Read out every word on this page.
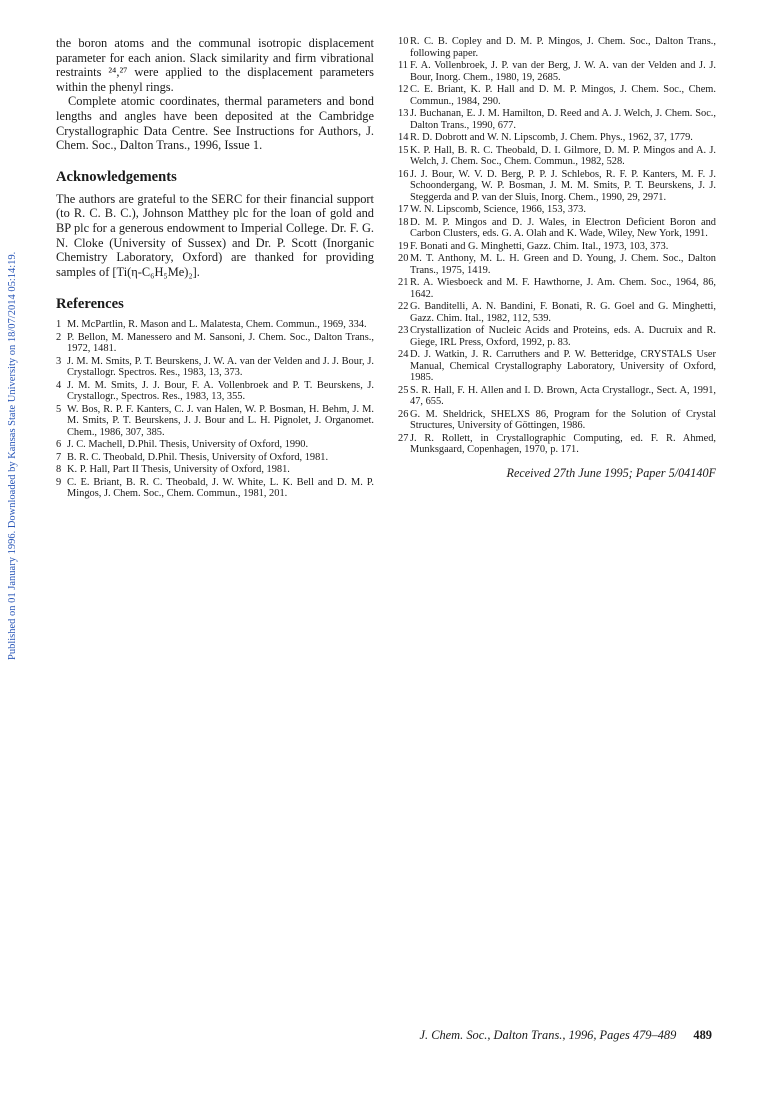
Published on 01 January 1996. Downloaded by Kansas State University on 18/07/2014 05:14:19.

the boron atoms and the communal isotropic displacement parameter for each anion. Slack similarity and firm vibrational restraints ²⁴,²⁷ were applied to the displacement parameters within the phenyl rings.

Complete atomic coordinates, thermal parameters and bond lengths and angles have been deposited at the Cambridge Crystallographic Data Centre. See Instructions for Authors, J. Chem. Soc., Dalton Trans., 1996, Issue 1.

Acknowledgements

The authors are grateful to the SERC for their financial support (to R. C. B. C.), Johnson Matthey plc for the loan of gold and BP plc for a generous endowment to Imperial College. Dr. F. G. N. Cloke (University of Sussex) and Dr. P. Scott (Inorganic Chemistry Laboratory, Oxford) are thanked for providing samples of [Ti(η-C₆H₅Me)₂].

References
1 M. McPartlin, R. Mason and L. Malatesta, Chem. Commun., 1969, 334.
2 P. Bellon, M. Manessero and M. Sansoni, J. Chem. Soc., Dalton Trans., 1972, 1481.
3 J. M. M. Smits, P. T. Beurskens, J. W. A. van der Velden and J. J. Bour, J. Crystallogr. Spectros. Res., 1983, 13, 373.
4 J. M. M. Smits, J. J. Bour, F. A. Vollenbroek and P. T. Beurskens, J. Crystallogr., Spectros. Res., 1983, 13, 355.
5 W. Bos, R. P. F. Kanters, C. J. van Halen, W. P. Bosman, H. Behm, J. M. M. Smits, P. T. Beurskens, J. J. Bour and L. H. Pignolet, J. Organomet. Chem., 1986, 307, 385.
6 J. C. Machell, D.Phil. Thesis, University of Oxford, 1990.
7 B. R. C. Theobald, D.Phil. Thesis, University of Oxford, 1981.
8 K. P. Hall, Part II Thesis, University of Oxford, 1981.
9 C. E. Briant, B. R. C. Theobald, J. W. White, L. K. Bell and D. M. P. Mingos, J. Chem. Soc., Chem. Commun., 1981, 201.
10 R. C. B. Copley and D. M. P. Mingos, J. Chem. Soc., Dalton Trans., following paper.
11 F. A. Vollenbroek, J. P. van der Berg, J. W. A. van der Velden and J. J. Bour, Inorg. Chem., 1980, 19, 2685.
12 C. E. Briant, K. P. Hall and D. M. P. Mingos, J. Chem. Soc., Chem. Commun., 1984, 290.
13 J. Buchanan, E. J. M. Hamilton, D. Reed and A. J. Welch, J. Chem. Soc., Dalton Trans., 1990, 677.
14 R. D. Dobrott and W. N. Lipscomb, J. Chem. Phys., 1962, 37, 1779.
15 K. P. Hall, B. R. C. Theobald, D. I. Gilmore, D. M. P. Mingos and A. J. Welch, J. Chem. Soc., Chem. Commun., 1982, 528.
16 J. J. Bour, W. V. D. Berg, P. P. J. Schlebos, R. F. P. Kanters, M. F. J. Schoondergang, W. P. Bosman, J. M. M. Smits, P. T. Beurskens, J. J. Steggerda and P. van der Sluis, Inorg. Chem., 1990, 29, 2971.
17 W. N. Lipscomb, Science, 1966, 153, 373.
18 D. M. P. Mingos and D. J. Wales, in Electron Deficient Boron and Carbon Clusters, eds. G. A. Olah and K. Wade, Wiley, New York, 1991.
19 F. Bonati and G. Minghetti, Gazz. Chim. Ital., 1973, 103, 373.
20 M. T. Anthony, M. L. H. Green and D. Young, J. Chem. Soc., Dalton Trans., 1975, 1419.
21 R. A. Wiesboeck and M. F. Hawthorne, J. Am. Chem. Soc., 1964, 86, 1642.
22 G. Banditelli, A. N. Bandini, F. Bonati, R. G. Goel and G. Minghetti, Gazz. Chim. Ital., 1982, 112, 539.
23 Crystallization of Nucleic Acids and Proteins, eds. A. Ducruix and R. Giege, IRL Press, Oxford, 1992, p. 83.
24 D. J. Watkin, J. R. Carruthers and P. W. Betteridge, CRYSTALS User Manual, Chemical Crystallography Laboratory, University of Oxford, 1985.
25 S. R. Hall, F. H. Allen and I. D. Brown, Acta Crystallogr., Sect. A, 1991, 47, 655.
26 G. M. Sheldrick, SHELXS 86, Program for the Solution of Crystal Structures, University of Göttingen, 1986.
27 J. R. Rollett, in Crystallographic Computing, ed. F. R. Ahmed, Munksgaard, Copenhagen, 1970, p. 171.
Received 27th June 1995; Paper 5/04140F
J. Chem. Soc., Dalton Trans., 1996, Pages 479–489 489
